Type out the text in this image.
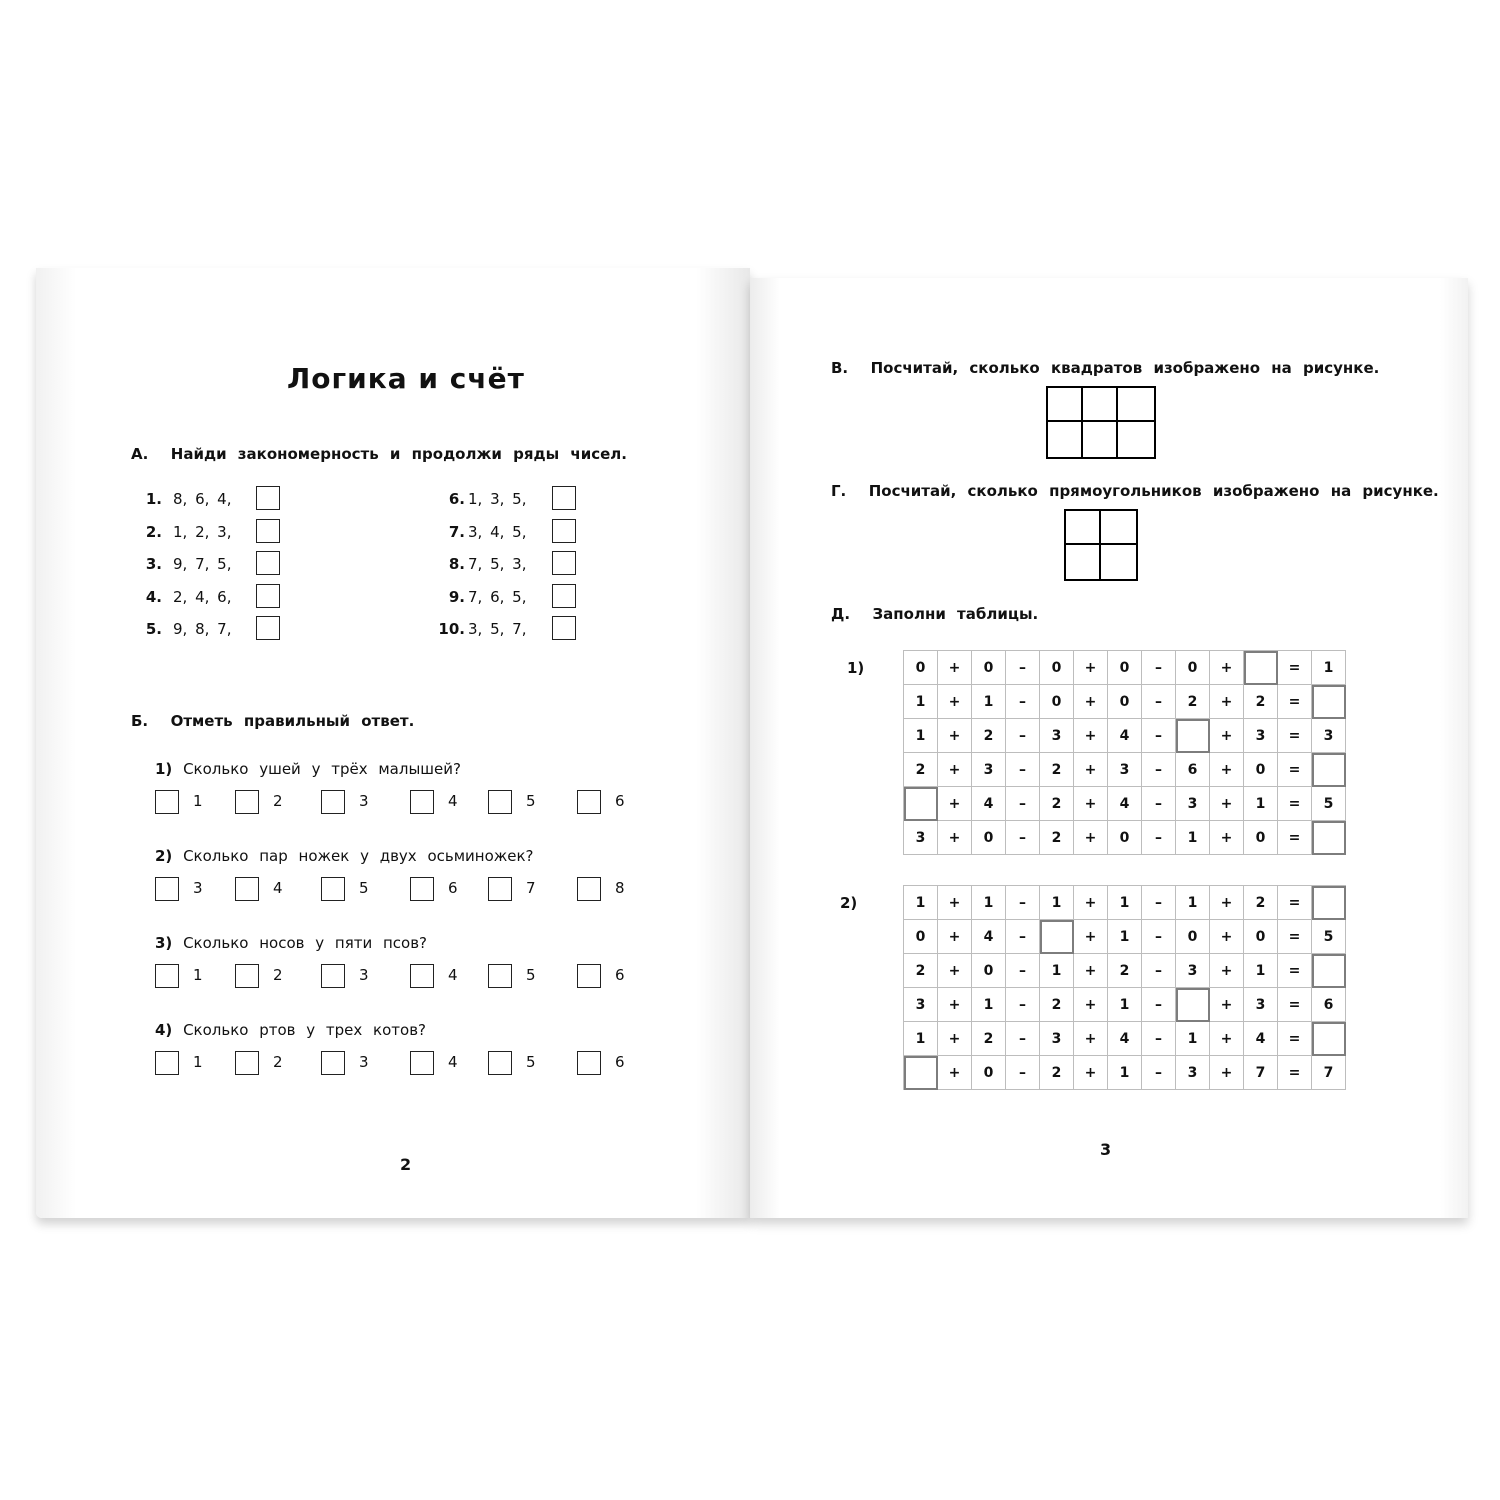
Логика и счёт
А. Найди закономерность и продолжи ряды чисел.
1. 8, 6, 4,
2. 1, 2, 3,
3. 9, 7, 5,
4. 2, 4, 6,
5. 9, 8, 7,
6. 1, 3, 5,
7. 3, 4, 5,
8. 7, 5, 3,
9. 7, 6, 5,
10. 3, 5, 7,
Б. Отметь правильный ответ.
1) Сколько ушей у трёх малышей?
1	2	3	4	5	6
2) Сколько пар ножек у двух осьминожек?
3	4	5	6	7	8
3) Сколько носов у пяти псов?
1	2	3	4	5	6
4) Сколько ртов у трех котов?
1	2	3	4	5	6
2
В. Посчитай, сколько квадратов изображено на рисунке.
Г. Посчитай, сколько прямоугольников изображено на рисунке.
Д. Заполни таблицы.
1)	0	+	0	–	0	+	0	–	0	+		=	1
1	+	1	–	0	+	0	–	2	+	2	=	
1	+	2	–	3	+	4	–		+	3	=	3
2	+	3	–	2	+	3	–	6	+	0	=	
	+	4	–	2	+	4	–	3	+	1	=	5
3	+	0	–	2	+	0	–	1	+	0	=	
2)	1	+	1	–	1	+	1	–	1	+	2	=	
0	+	4	–		+	1	–	0	+	0	=	5
2	+	0	–	1	+	2	–	3	+	1	=	
3	+	1	–	2	+	1	–		+	3	=	6
1	+	2	–	3	+	4	–	1	+	4	=	
	+	0	–	2	+	1	–	3	+	7	=	7
3
